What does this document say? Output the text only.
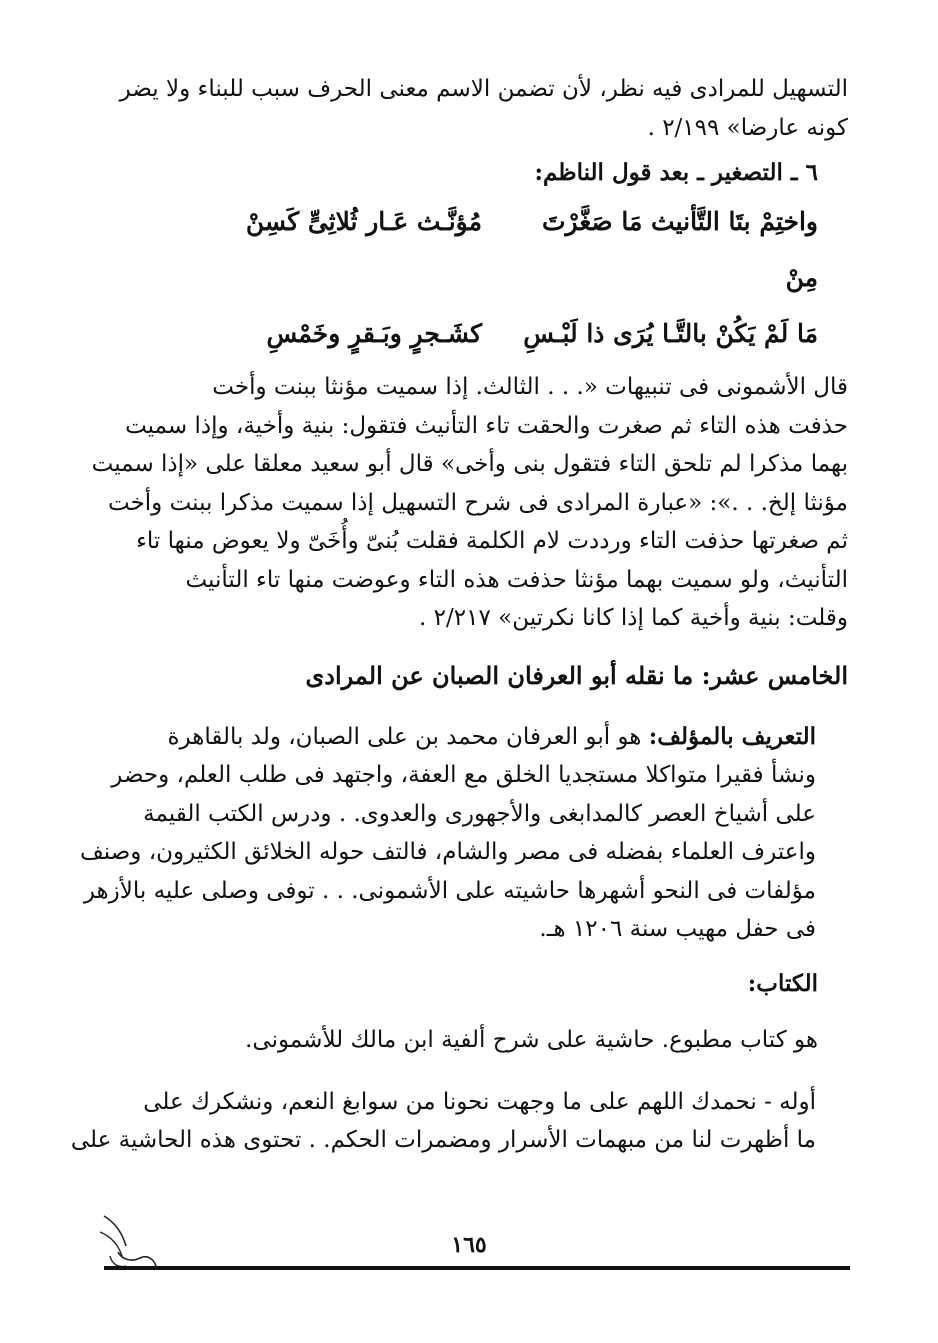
التسهيل للمرادى فيه نظر، لأن تضمن الاسم معنى الحرف سبب للبناء ولا يضر
كونه عارضا» ٢/١٩٩ .

٦ ـ التصغير ـ بعد قول الناظم:
واختِمْ بتَا التَّأنيث مَا صَغَّرْتَ مِنْ
مُؤنَّـث عَـار ثُلاثِىٍّ كَسِنْ
مَا لَمْ يَكُنْ بالتَّـا يُرَى ذا لَبْـسِ
كشَـجرٍ وبَـقرٍ وخَمْسِ

قال الأشمونى فى تنبيهات «. . . الثالث. إذا سميت مؤنثا ببنت وأخت
حذفت هذه التاء ثم صغرت والحقت تاء التأنيث فتقول: بنية وأخية، وإذا سميت
بهما مذكرا لم تلحق التاء فتقول بنى وأخى» قال أبو سعيد معلقا على «إذا سميت
مؤنثا إلخ. . .»: «عبارة المرادى فى شرح التسهيل إذا سميت مذكرا ببنت وأخت
ثم صغرتها حذفت التاء ورددت لام الكلمة فقلت بُنىّ وأُخَىّ ولا يعوض منها تاء
التأنيث، ولو سميت بهما مؤنثا حذفت هذه التاء وعوضت منها تاء التأنيث
وقلت: بنية وأخية كما إذا كانا نكرتين» ٢/٢١٧ .

الخامس عشر: ما نقله أبو العرفان الصبان عن المرادى

التعريف بالمؤلف: هو أبو العرفان محمد بن على الصبان، ولد بالقاهرة
ونشأ فقيرا متواكلا مستجديا الخلق مع العفة، واجتهد فى طلب العلم، وحضر
على أشياخ العصر كالمدابغى والأجهورى والعدوى. . ودرس الكتب القيمة
واعترف العلماء بفضله فى مصر والشام، فالتف حوله الخلائق الكثيرون، وصنف
مؤلفات فى النحو أشهرها حاشيته على الأشمونى. . . توفى وصلى عليه بالأزهر
فى حفل مهيب سنة ١٢٠٦ هـ.

الكتاب:
هو كتاب مطبوع. حاشية على شرح ألفية ابن مالك للأشمونى.

أوله - نحمدك اللهم على ما وجهت نحونا من سوابغ النعم، ونشكرك على
ما أظهرت لنا من مبهمات الأسرار ومضمرات الحكم. . تحتوى هذه الحاشية على

١٦٥
